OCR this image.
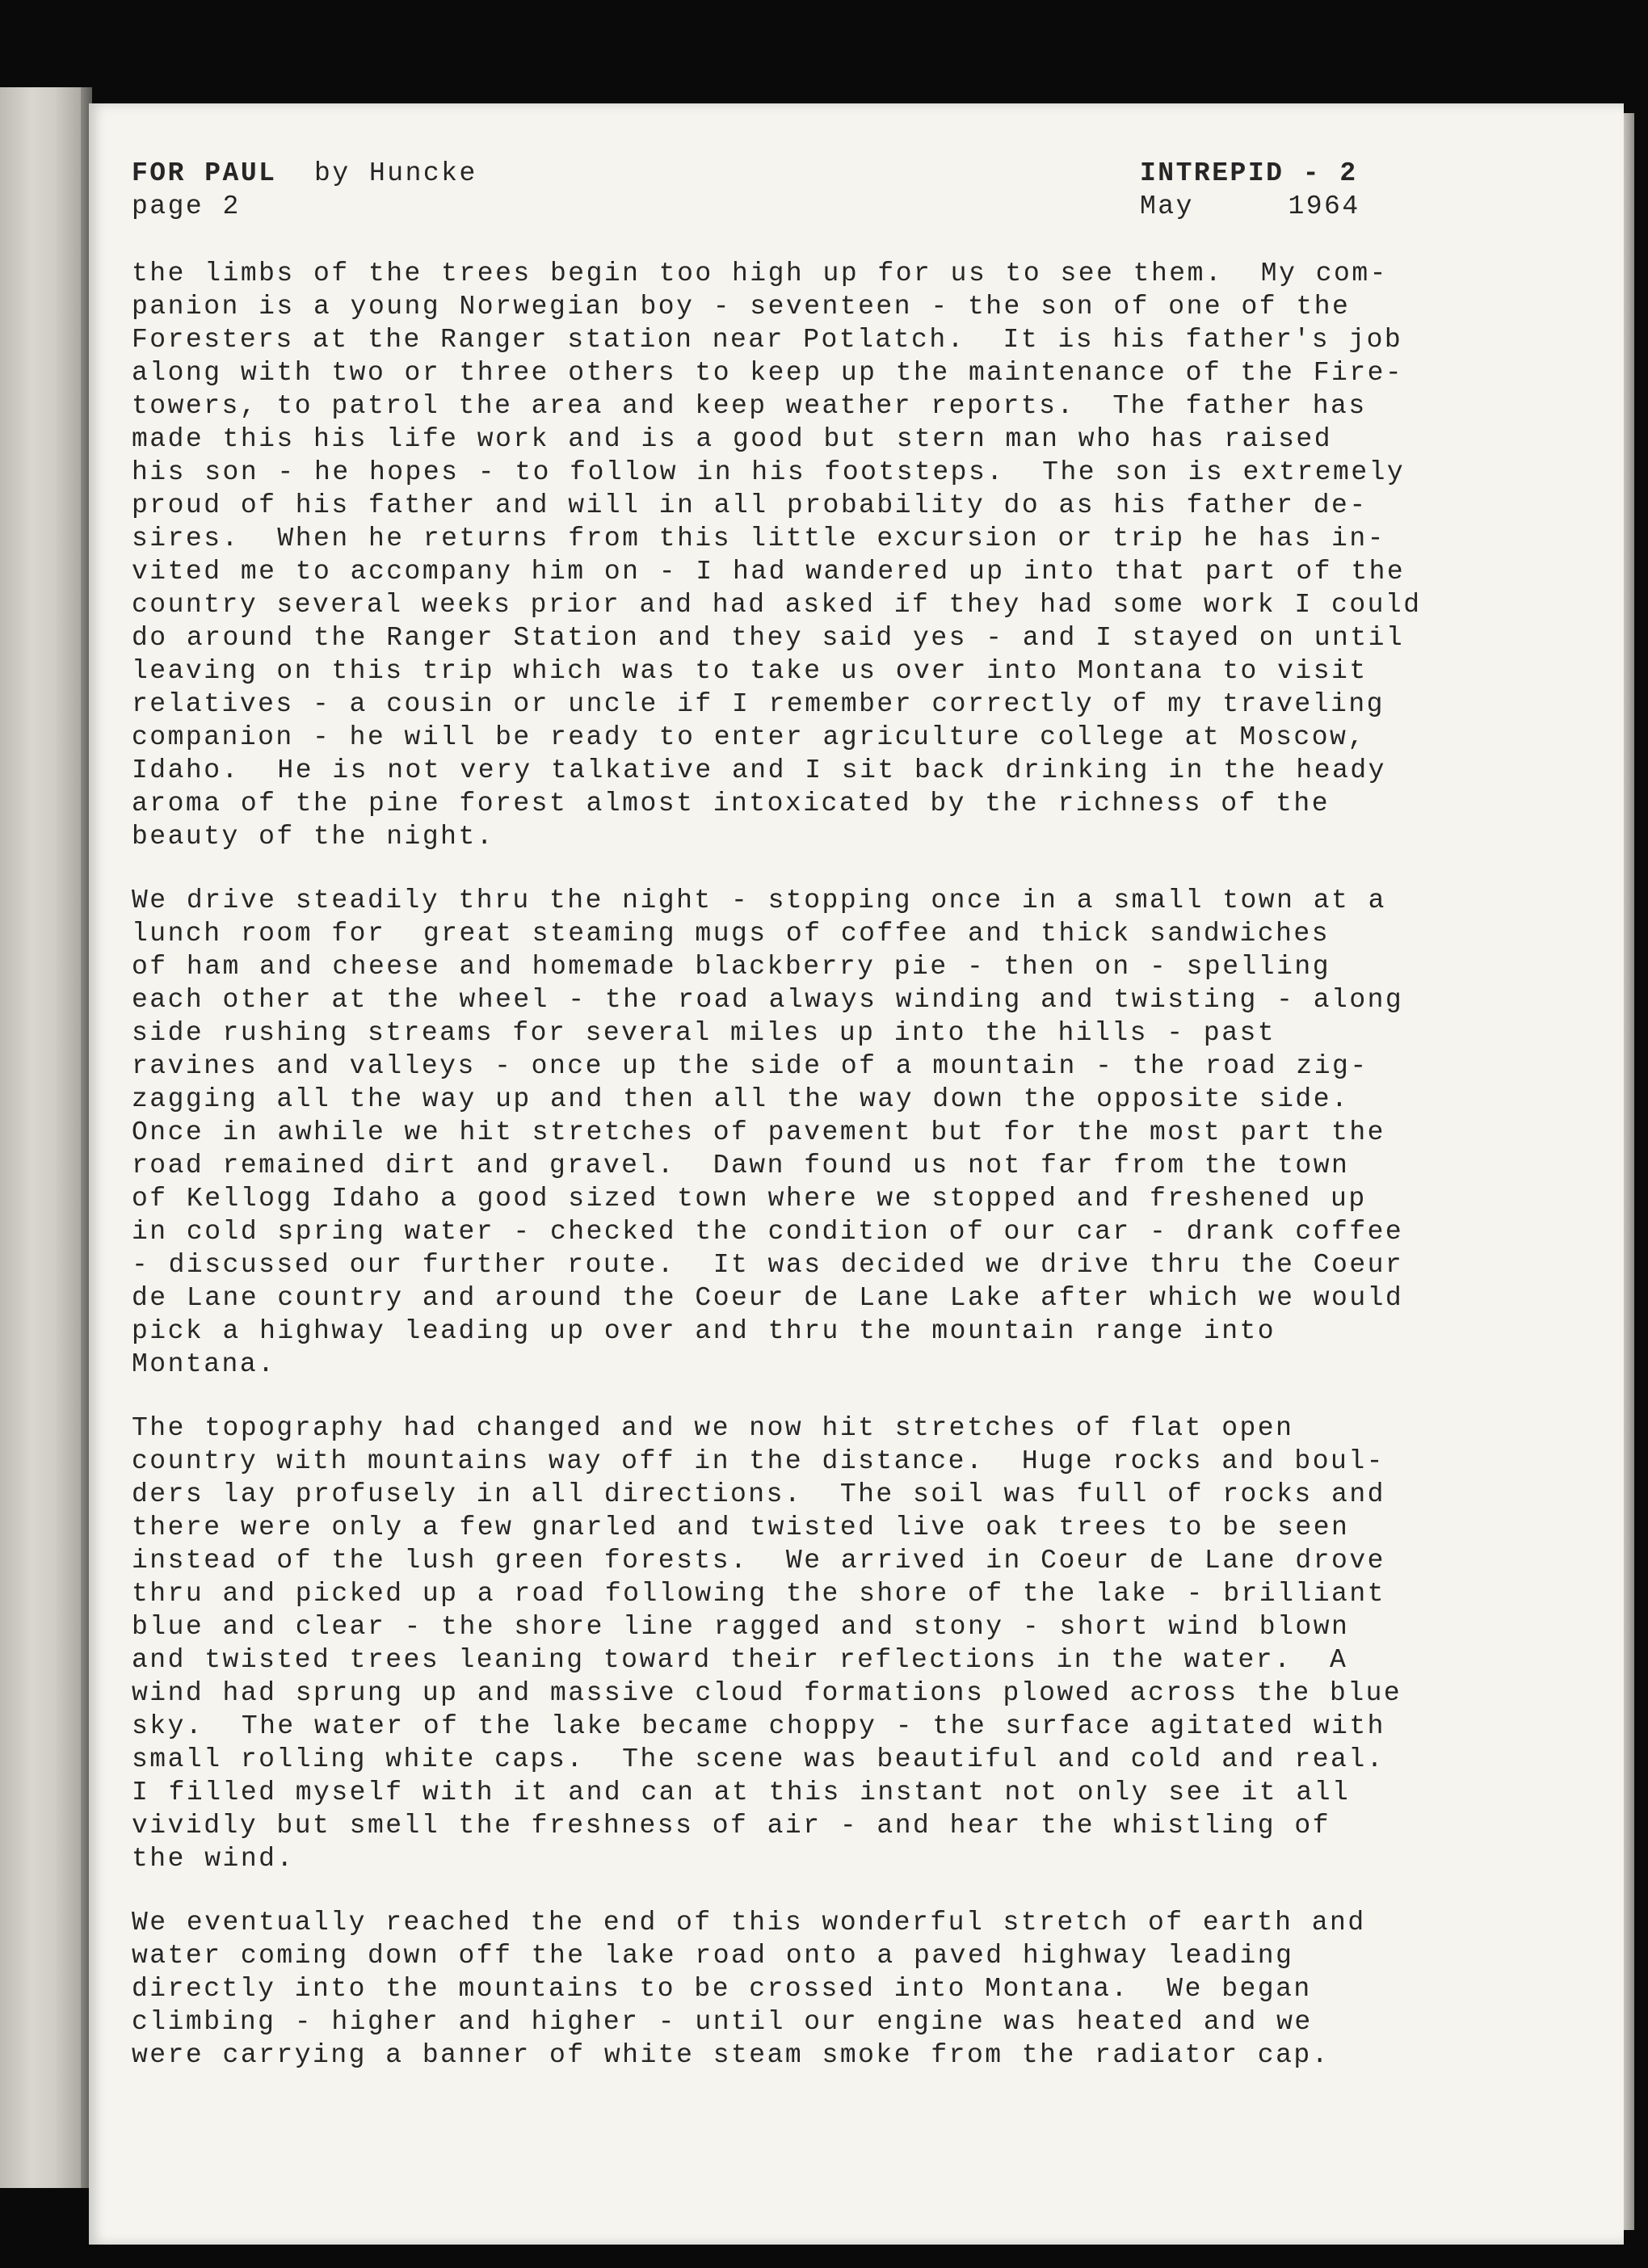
FOR PAUL by Huncke
page 2
INTREPID - 2
May	1964
the limbs of the trees begin too high up for us to see them.  My com-
panion is a young Norwegian boy - seventeen - the son of one of the
Foresters at the Ranger station near Potlatch.  It is his father's job
along with two or three others to keep up the maintenance of the Fire-
towers, to patrol the area and keep weather reports.  The father has
made this his life work and is a good but stern man who has raised
his son - he hopes - to follow in his footsteps.  The son is extremely
proud of his father and will in all probability do as his father de-
sires.  When he returns from this little excursion or trip he has in-
vited me to accompany him on - I had wandered up into that part of the
country several weeks prior and had asked if they had some work I could
do around the Ranger Station and they said yes - and I stayed on until
leaving on this trip which was to take us over into Montana to visit
relatives - a cousin or uncle if I remember correctly of my traveling
companion - he will be ready to enter agriculture college at Moscow,
Idaho.  He is not very talkative and I sit back drinking in the heady
aroma of the pine forest almost intoxicated by the richness of the
beauty of the night.
We drive steadily thru the night - stopping once in a small town at a
lunch room for  great steaming mugs of coffee and thick sandwiches
of ham and cheese and homemade blackberry pie - then on - spelling
each other at the wheel - the road always winding and twisting - along
side rushing streams for several miles up into the hills - past
ravines and valleys - once up the side of a mountain - the road zig-
zagging all the way up and then all the way down the opposite side.
Once in awhile we hit stretches of pavement but for the most part the
road remained dirt and gravel.  Dawn found us not far from the town
of Kellogg Idaho a good sized town where we stopped and freshened up
in cold spring water - checked the condition of our car - drank coffee
- discussed our further route.  It was decided we drive thru the Coeur
de Lane country and around the Coeur de Lane Lake after which we would
pick a highway leading up over and thru the mountain range into
Montana.
The topography had changed and we now hit stretches of flat open
country with mountains way off in the distance.  Huge rocks and boul-
ders lay profusely in all directions.  The soil was full of rocks and
there were only a few gnarled and twisted live oak trees to be seen
instead of the lush green forests.  We arrived in Coeur de Lane drove
thru and picked up a road following the shore of the lake - brilliant
blue and clear - the shore line ragged and stony - short wind blown
and twisted trees leaning toward their reflections in the water.  A
wind had sprung up and massive cloud formations plowed across the blue
sky.  The water of the lake became choppy - the surface agitated with
small rolling white caps.  The scene was beautiful and cold and real.
I filled myself with it and can at this instant not only see it all
vividly but smell the freshness of air - and hear the whistling of
the wind.
We eventually reached the end of this wonderful stretch of earth and
water coming down off the lake road onto a paved highway leading
directly into the mountains to be crossed into Montana.  We began
climbing - higher and higher - until our engine was heated and we
were carrying a banner of white steam smoke from the radiator cap.
